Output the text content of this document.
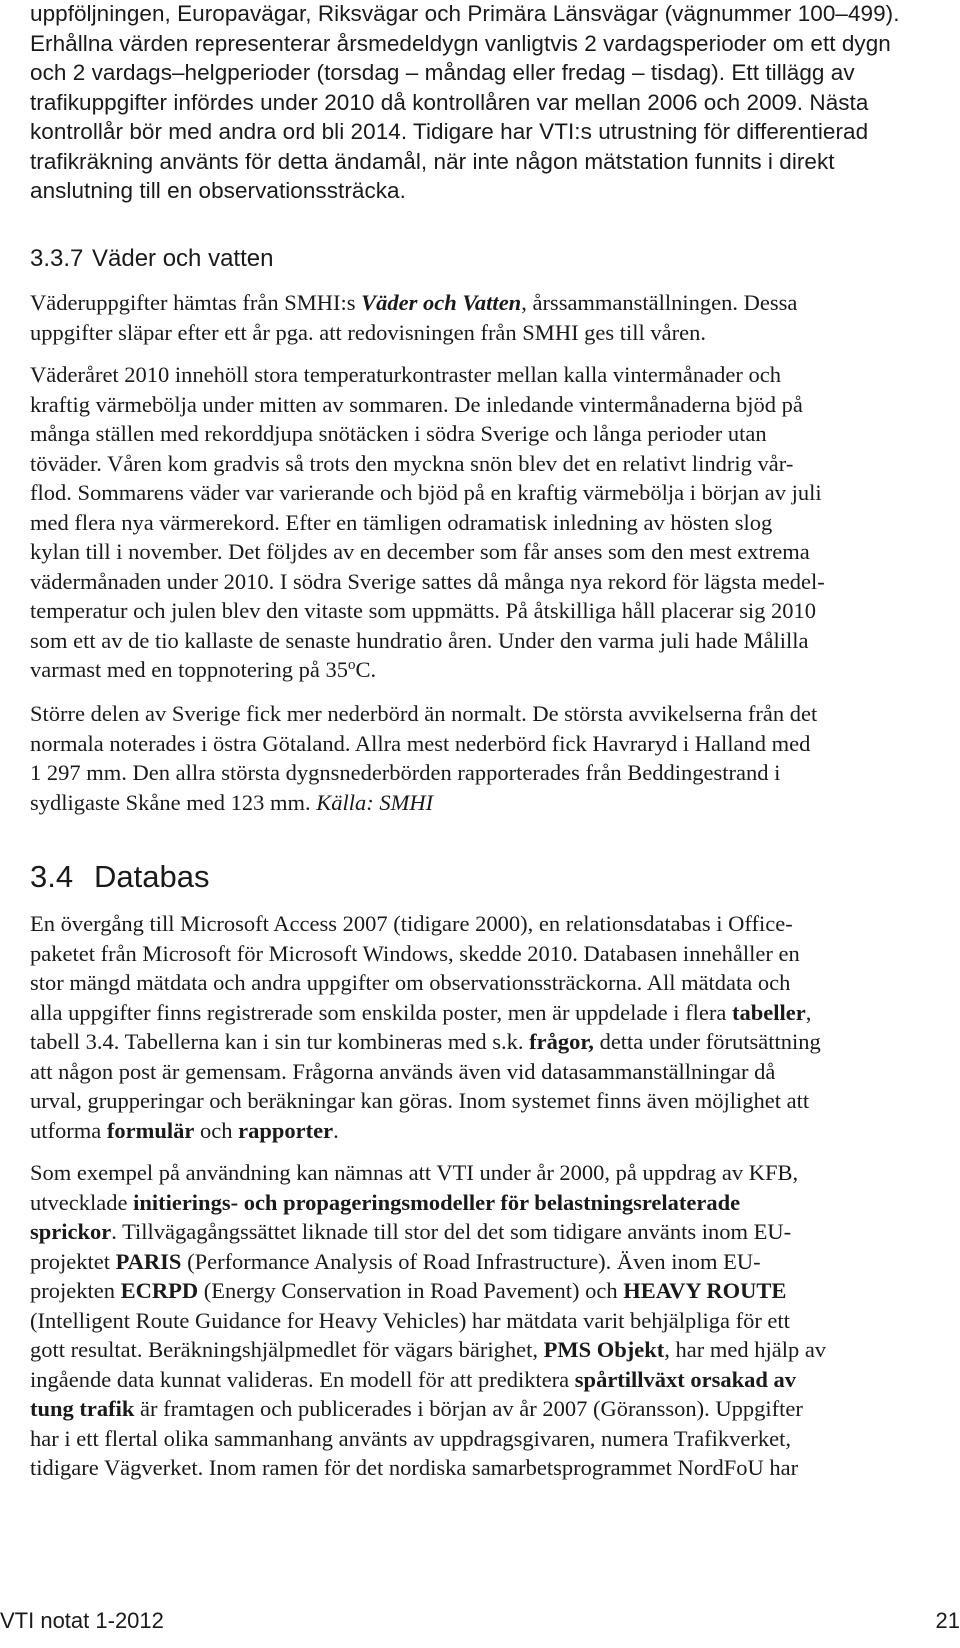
uppföljningen, Europavägar, Riksvägar och Primära Länsvägar (vägnummer 100–499).
Erhållna värden representerar årsmedeldygn vanligtvis 2 vardagsperioder om ett dygn
och 2 vardags–helgperioder (torsdag – måndag eller fredag – tisdag). Ett tillägg av
trafikuppgifter infördes under 2010 då kontrollåren var mellan 2006 och 2009. Nästa
kontrollår bör med andra ord bli 2014. Tidigare har VTI:s utrustning för differentierad
trafikräkning använts för detta ändamål, när inte någon mätstation funnits i direkt
anslutning till en observationssträcka.
3.3.7 Väder och vatten
Väderuppgifter hämtas från SMHI:s Väder och Vatten, årssammanställningen. Dessa
uppgifter släpar efter ett år pga. att redovisningen från SMHI ges till våren.
Väderåret 2010 innehöll stora temperaturkontraster mellan kalla vintermånader och
kraftig värmebölja under mitten av sommaren. De inledande vintermånaderna bjöd på
många ställen med rekorddjupa snötäcken i södra Sverige och långa perioder utan
töväder. Våren kom gradvis så trots den myckna snön blev det en relativt lindrig vår-
flod. Sommarens väder var varierande och bjöd på en kraftig värmebölja i början av juli
med flera nya värmerekord. Efter en tämligen odramatisk inledning av hösten slog
kylan till i november. Det följdes av en december som får anses som den mest extrema
vädermånaden under 2010. I södra Sverige sattes då många nya rekord för lägsta medel-
temperatur och julen blev den vitaste som uppmätts. På åtskilliga håll placerar sig 2010
som ett av de tio kallaste de senaste hundratio åren. Under den varma juli hade Målilla
varmast med en toppnotering på 35$^o$C.
Större delen av Sverige fick mer nederbörd än normalt. De största avvikelserna från det
normala noterades i östra Götaland. Allra mest nederbörd fick Havraryd i Halland med
1 297 mm. Den allra största dygnsnederbörden rapporterades från Beddingestrand i
sydligaste Skåne med 123 mm. Källa: SMHI
3.4 Databas
En övergång till Microsoft Access 2007 (tidigare 2000), en relationsdatabas i Office-
paketet från Microsoft för Microsoft Windows, skedde 2010. Databasen innehåller en
stor mängd mätdata och andra uppgifter om observationssträckorna. All mätdata och
alla uppgifter finns registrerade som enskilda poster, men är uppdelade i flera tabeller,
tabell 3.4. Tabellerna kan i sin tur kombineras med s.k. frågor, detta under förutsättning
att någon post är gemensam. Frågorna används även vid datasammanställningar då
urval, grupperingar och beräkningar kan göras. Inom systemet finns även möjlighet att
utforma formulär och rapporter.
Som exempel på användning kan nämnas att VTI under år 2000, på uppdrag av KFB,
utvecklade initierings- och propageringsmodeller för belastningsrelaterade
sprickor. Tillvägagångssättet liknade till stor del det som tidigare använts inom EU-
projektet PARIS (Performance Analysis of Road Infrastructure). Även inom EU-
projekten ECRPD (Energy Conservation in Road Pavement) och HEAVY ROUTE
(Intelligent Route Guidance for Heavy Vehicles) har mätdata varit behjälpliga för ett
gott resultat. Beräkningshjälpmedlet för vägars bärighet, PMS Objekt, har med hjälp av
ingående data kunnat valideras. En modell för att prediktera spårtillväxt orsakad av
tung trafik är framtagen och publicerades i början av år 2007 (Göransson). Uppgifter
har i ett flertal olika sammanhang använts av uppdragsgivaren, numera Trafikverket,
tidigare Vägverket. Inom ramen för det nordiska samarbetsprogrammet NordFoU har
VTI notat 1-2012	21
